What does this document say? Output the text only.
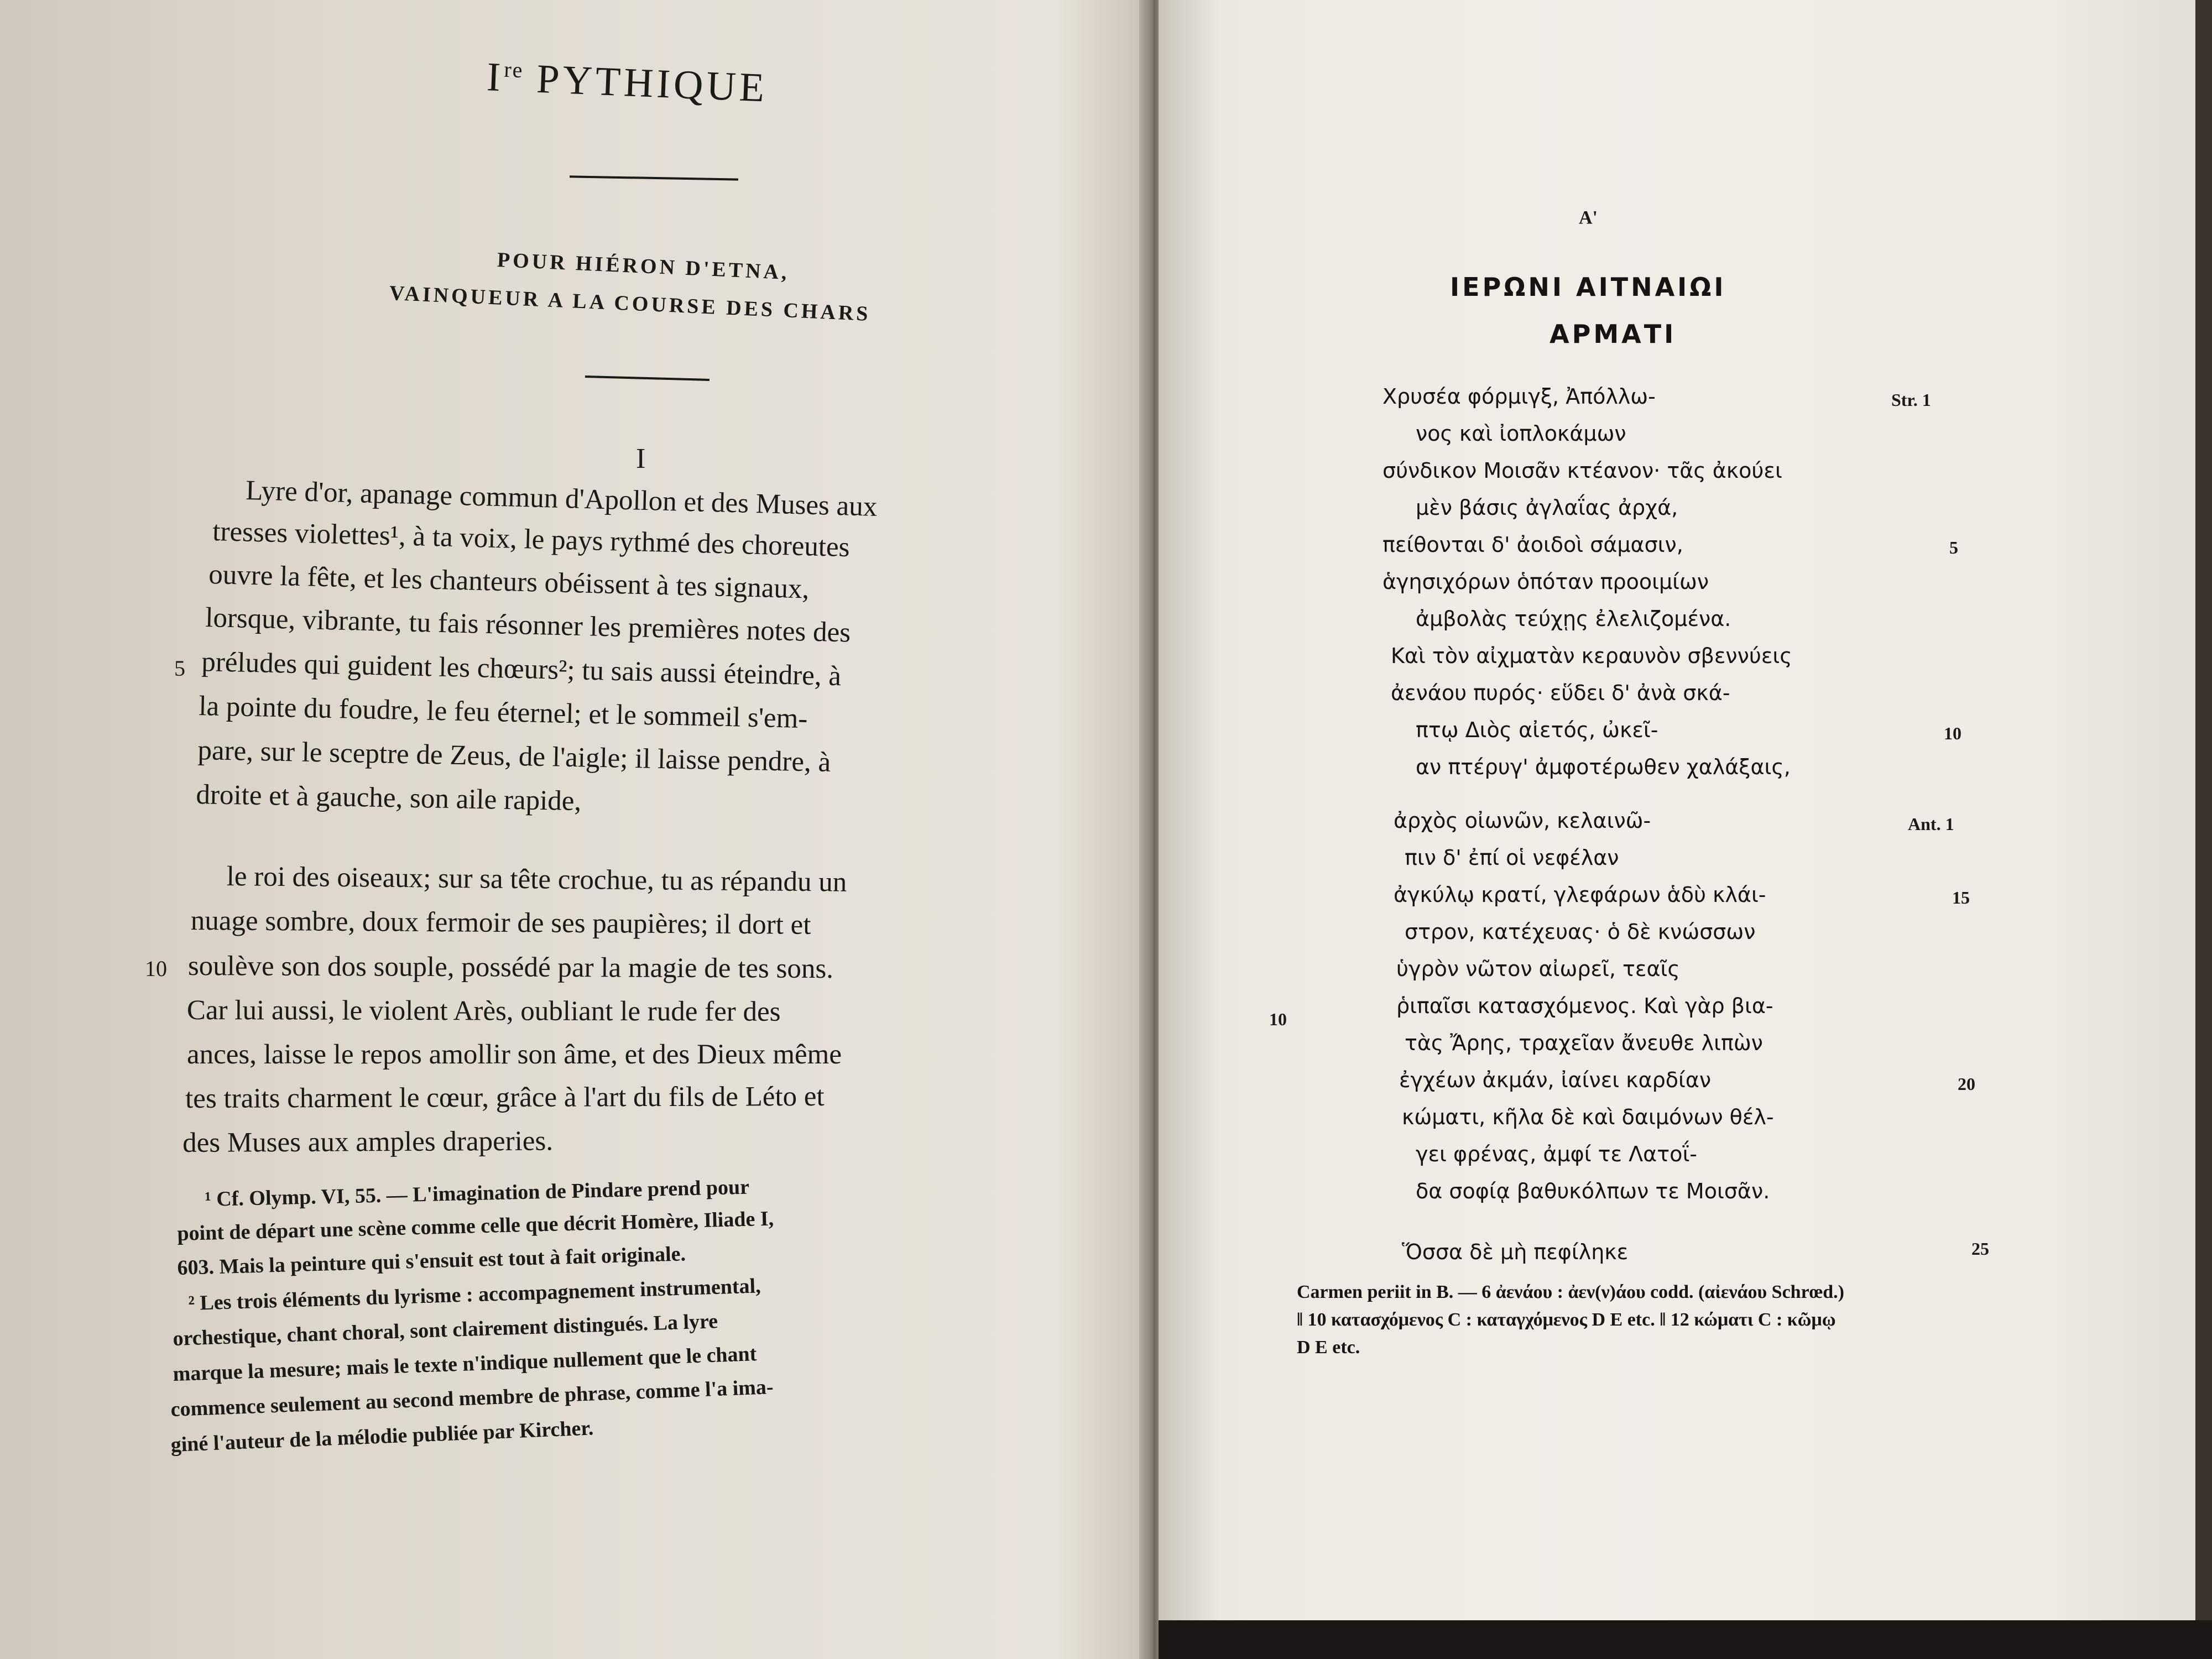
Ire PYTHIQUE
POUR HIÉRON D'ETNA,
VAINQUEUR A LA COURSE DES CHARS
I
Lyre d'or, apanage commun d'Apollon et des Muses aux
tresses violettes¹, à ta voix, le pays rythmé des choreutes
ouvre la fête, et les chanteurs obéissent à tes signaux,
lorsque, vibrante, tu fais résonner les premières notes des
préludes qui guident les chœurs²; tu sais aussi éteindre, à
la pointe du foudre, le feu éternel; et le sommeil s'em-
pare, sur le sceptre de Zeus, de l'aigle; il laisse pendre, à
droite et à gauche, son aile rapide,
5
le roi des oiseaux; sur sa tête crochue, tu as répandu un
nuage sombre, doux fermoir de ses paupières; il dort et
soulève son dos souple, possédé par la magie de tes sons.
Car lui aussi, le violent Arès, oubliant le rude fer des
ances, laisse le repos amollir son âme, et des Dieux même
tes traits charment le cœur, grâce à l'art du fils de Léto et
des Muses aux amples draperies.
10
¹ Cf. Olymp. VI, 55. — L'imagination de Pindare prend pour
point de départ une scène comme celle que décrit Homère, Iliade I,
603. Mais la peinture qui s'ensuit est tout à fait originale.
² Les trois éléments du lyrisme : accompagnement instrumental,
orchestique, chant choral, sont clairement distingués. La lyre
marque la mesure; mais le texte n'indique nullement que le chant
commence seulement au second membre de phrase, comme l'a ima-
giné l'auteur de la mélodie publiée par Kircher.
Α'
ΙΕΡΩΝΙ ΑΙΤΝΑΙΩΙ
ΑΡΜΑΤΙ
Χρυσέα φόρμιγξ, Ἀπόλλω-
νος καὶ ἰοπλοκάμων
σύνδικον Μοισᾶν κτέανον· τᾶς ἀκούει
μὲν βάσις ἀγλαΐας ἀρχά,
πείθονται δ' ἀοιδοὶ σάμασιν,
ἁγησιχόρων ὁπόταν προοιμίων
ἀμβολὰς τεύχῃς ἐλελιζομένα.
Καὶ τὸν αἰχματὰν κεραυνὸν σβεννύεις
ἀενάου πυρός· εὕδει δ' ἀνὰ σκά-
πτῳ Διὸς αἰετός, ὠκεῖ-
αν πτέρυγ' ἀμφοτέρωθεν χαλάξαις,
ἀρχὸς οἰωνῶν, κελαινῶ-
πιν δ' ἐπί οἱ νεφέλαν
ἀγκύλῳ κρατί, γλεφάρων ἁδὺ κλάι-
στρον, κατέχευας· ὁ δὲ κνώσσων
ὑγρὸν νῶτον αἰωρεῖ, τεαῖς
ῥιπαῖσι κατασχόμενος. Καὶ γὰρ βια-
τὰς Ἄρης, τραχεῖαν ἄνευθε λιπὼν
ἐγχέων ἀκμάν, ἰαίνει καρδίαν
κώματι, κῆλα δὲ καὶ δαιμόνων θέλ-
γει φρένας, ἀμφί τε Λατοΐ-
δα σοφίᾳ βαθυκόλπων τε Μοισᾶν.
Ὅσσα δὲ μὴ πεφίληκε
Str. 1
5
10
Ant. 1
15
20
25
10
Carmen periit in B. — 6 ἀενάου : ἀεν(ν)άου codd. (αἰενάου Schrœd.)
‖ 10 κατασχόμενος C : καταγχόμενος D E etc. ‖ 12 κώματι C : κῶμῳ
D E etc.
